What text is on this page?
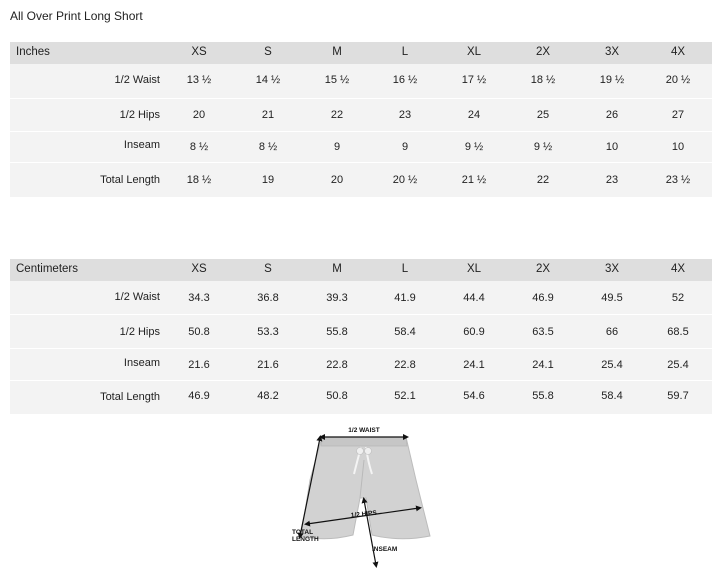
All Over Print Long Short
Inches	XS	S	M	L	XL	2X	3X	4X
1/2 Waist	13 ½	14 ½	15 ½	16 ½	17 ½	18 ½	19 ½	20 ½
1/2 Hips	20	21	22	23	24	25	26	27
Inseam	8 ½	8 ½	9	9	9 ½	9 ½	10	10
Total Length	18 ½	19	20	20 ½	21 ½	22	23	23 ½
Centimeters	XS	S	M	L	XL	2X	3X	4X
1/2 Waist	34.3	36.8	39.3	41.9	44.4	46.9	49.5	52
1/2 Hips	50.8	53.3	55.8	58.4	60.9	63.5	66	68.5
Inseam	21.6	21.6	22.8	22.8	24.1	24.1	25.4	25.4
Total Length	46.9	48.2	50.8	52.1	54.6	55.8	58.4	59.7
1/2 WAIST
1/2 HIPS
TOTAL
LENGTH
INSEAM
